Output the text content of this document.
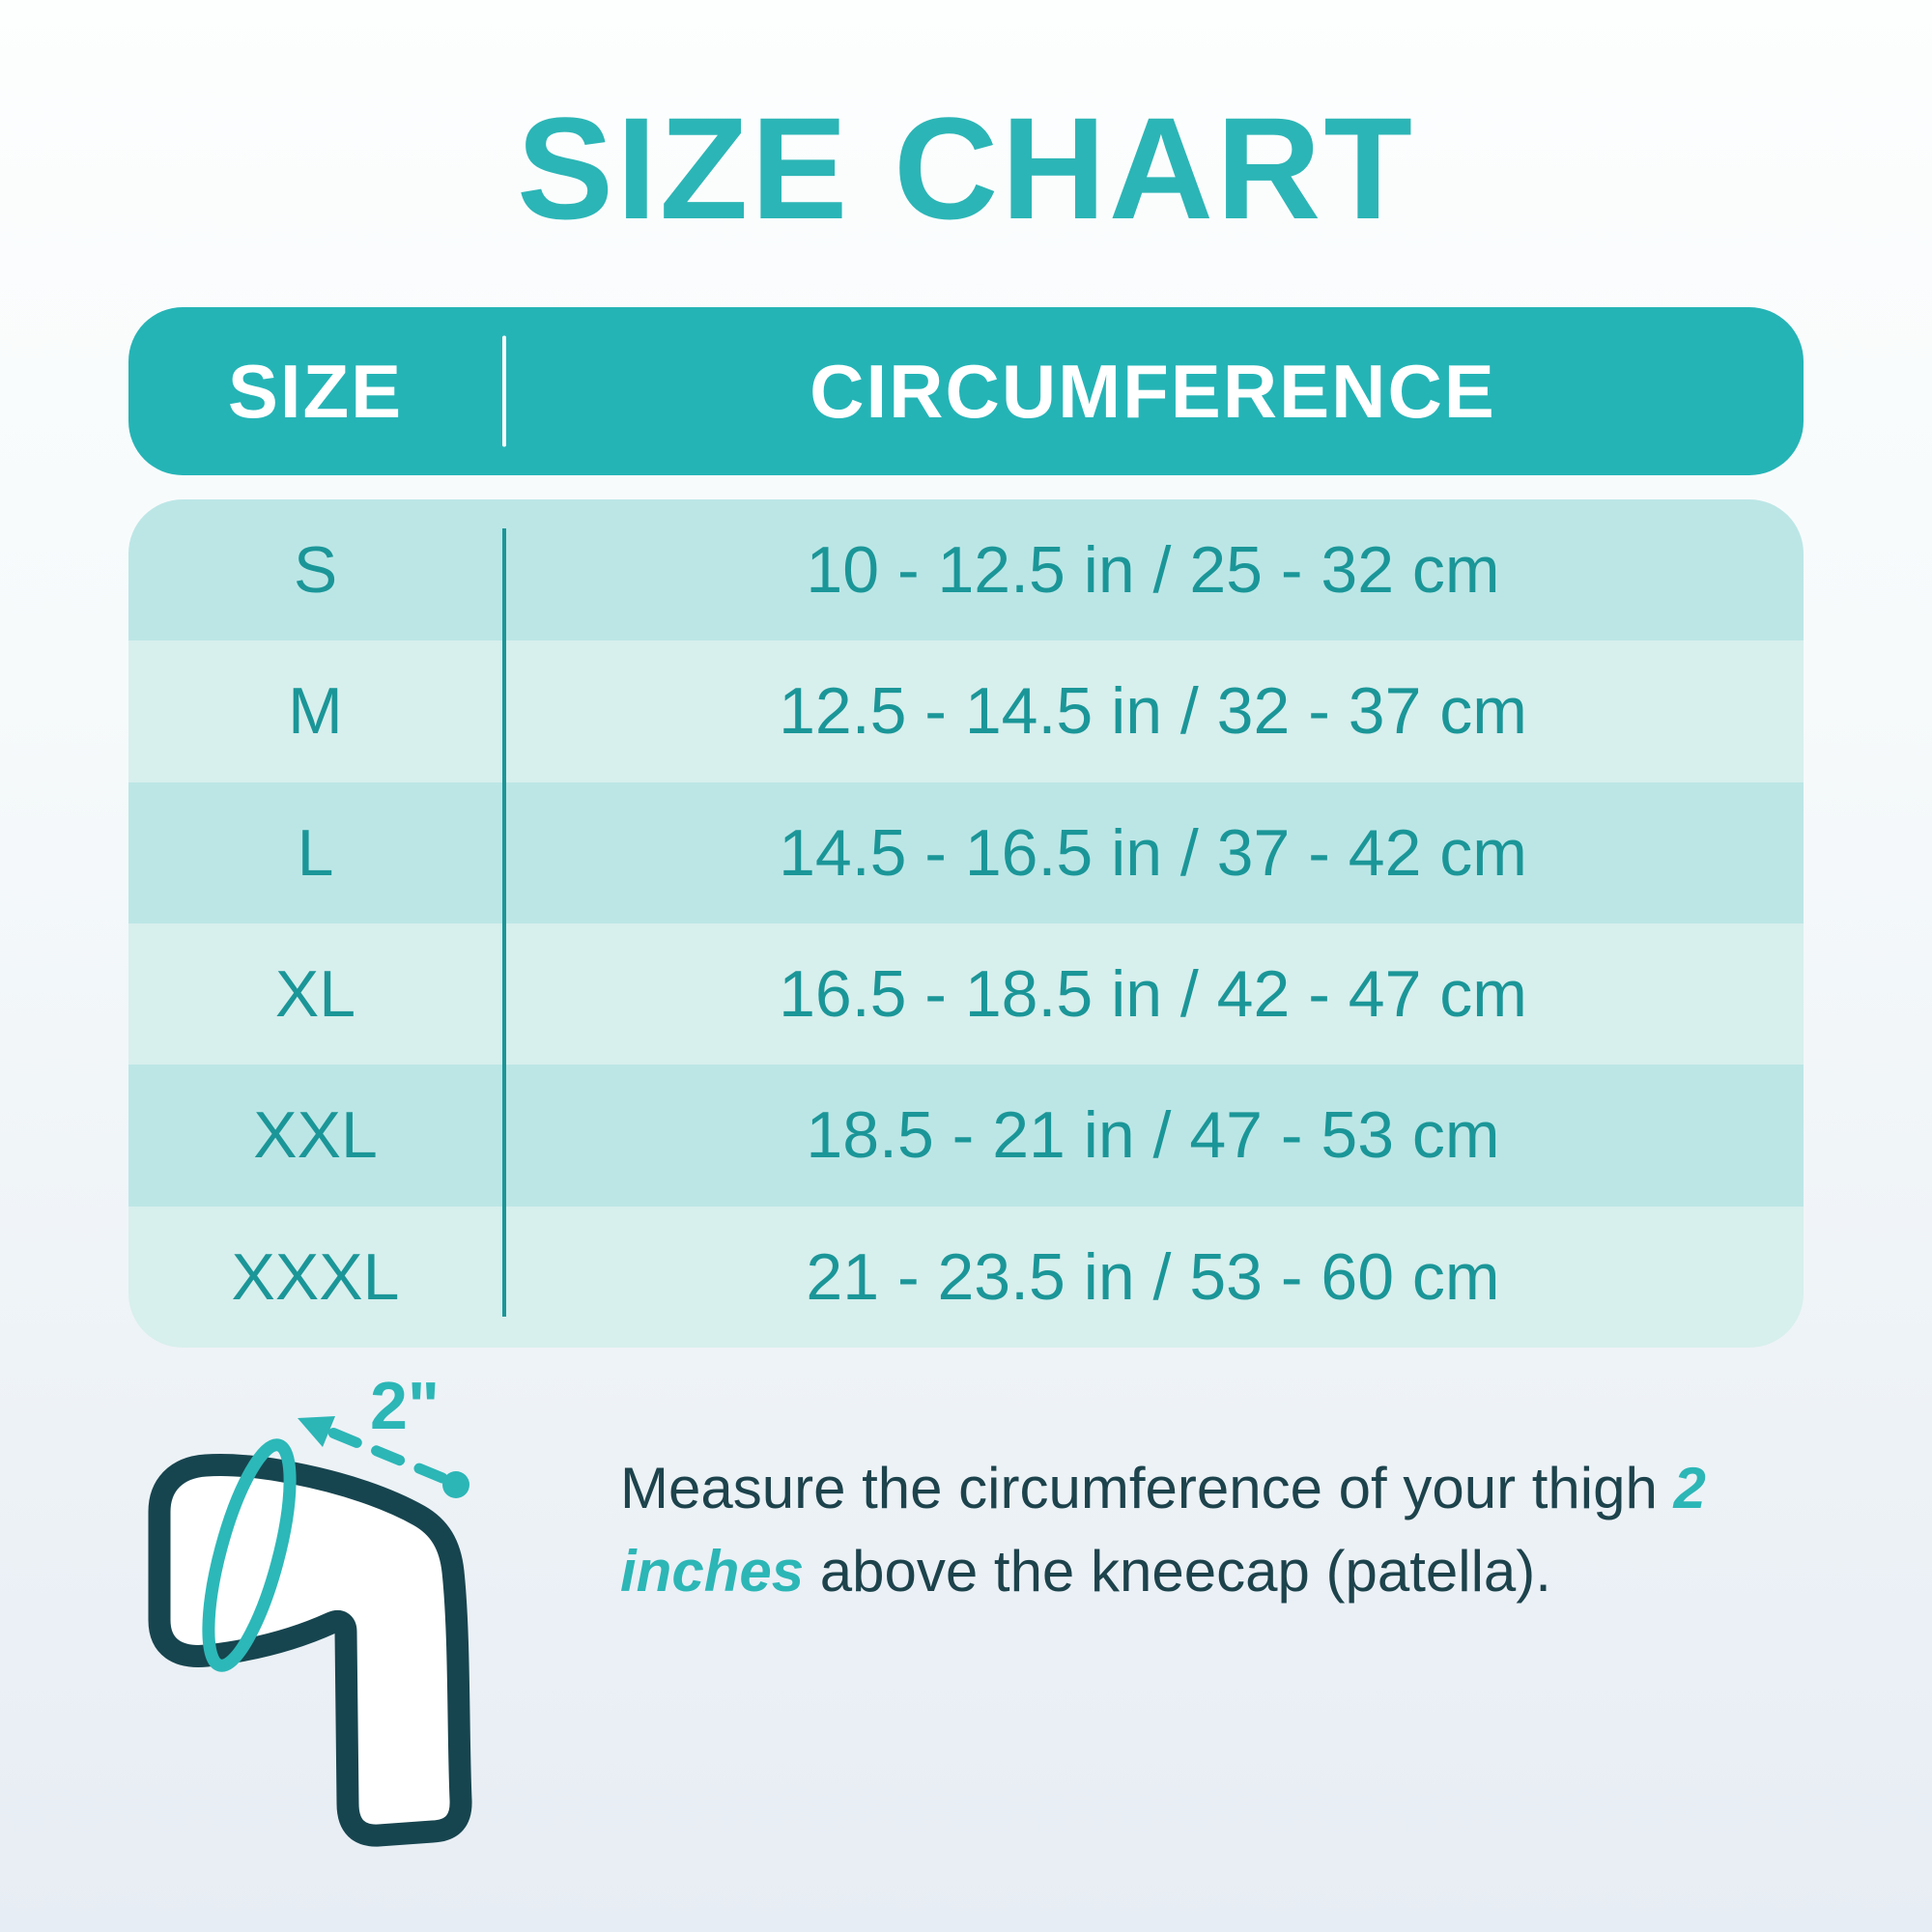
SIZE CHART
SIZE	CIRCUMFERENCE
S	10 - 12.5 in / 25 - 32 cm
M	12.5 - 14.5 in / 32 - 37 cm
L	14.5 - 16.5 in / 37 - 42 cm
XL	16.5 - 18.5 in / 42 - 47 cm
XXL	18.5 - 21 in / 47 - 53 cm
XXXL	21 - 23.5 in / 53 - 60 cm
2"

Measure the circumference of your thigh 2 inches above the kneecap (patella).
